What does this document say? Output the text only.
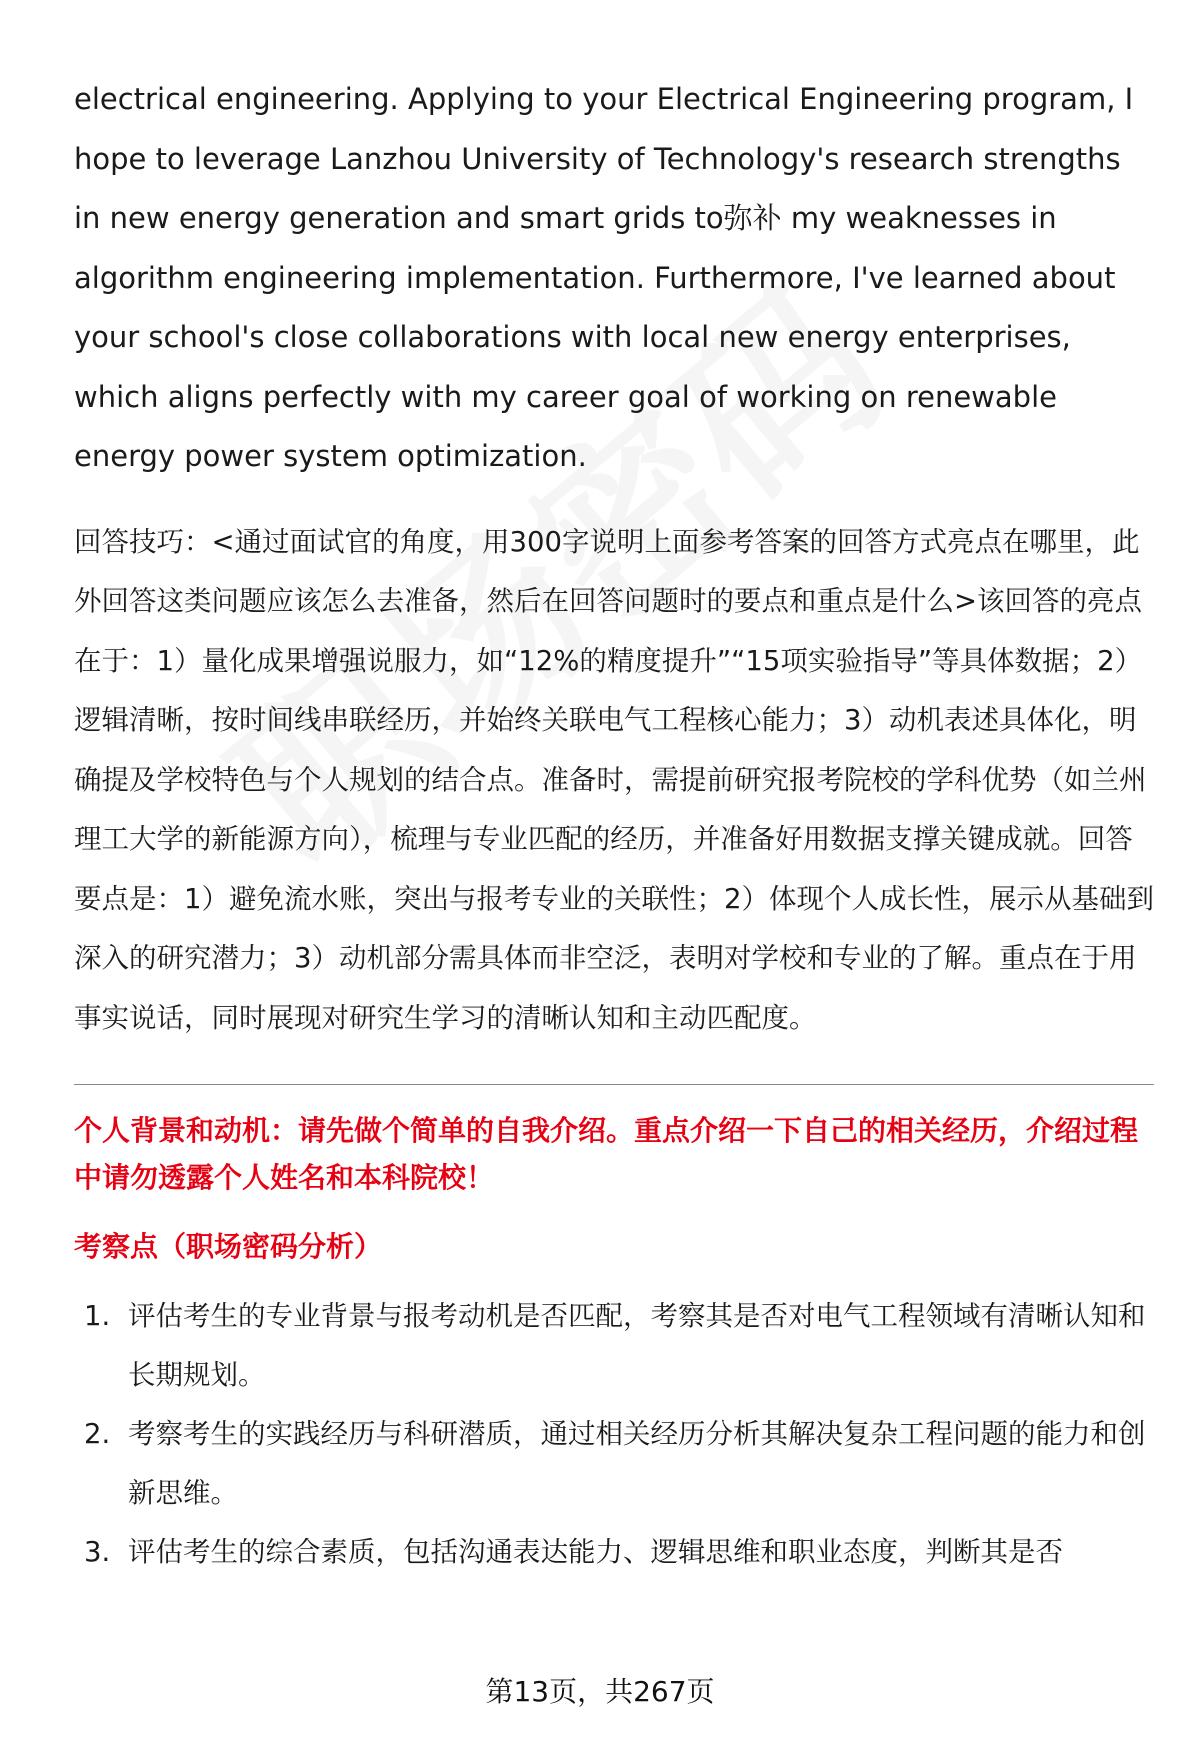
electrical engineering. Applying to your Electrical Engineering program, I hope to leverage Lanzhou University of Technology's research strengths in new energy generation and smart grids to弥补 my weaknesses in algorithm engineering implementation. Furthermore, I've learned about your school's close collaborations with local new energy enterprises, which aligns perfectly with my career goal of working on renewable energy power system optimization.

回答技巧：<通过面试官的角度，用300字说明上面参考答案的回答方式亮点在哪里，此外回答这类问题应该怎么去准备，然后在回答问题时的要点和重点是什么>该回答的亮点在于：1）量化成果增强说服力，如“12%的精度提升”“15项实验指导”等具体数据；2）逻辑清晰，按时间线串联经历，并始终关联电气工程核心能力；3）动机表述具体化，明确提及学校特色与个人规划的结合点。准备时，需提前研究报考院校的学科优势（如兰州理工大学的新能源方向），梳理与专业匹配的经历，并准备好用数据支撑关键成就。回答要点是：1）避免流水账，突出与报考专业的关联性；2）体现个人成长性，展示从基础到深入的研究潜力；3）动机部分需具体而非空泛，表明对学校和专业的了解。重点在于用事实说话，同时展现对研究生学习的清晰认知和主动匹配度。

个人背景和动机：请先做个简单的自我介绍。重点介绍一下自己的相关经历，介绍过程中请勿透露个人姓名和本科院校！

考察点（职场密码分析）

1. 评估考生的专业背景与报考动机是否匹配，考察其是否对电气工程领域有清晰认知和长期规划。
2. 考察考生的实践经历与科研潜质，通过相关经历分析其解决复杂工程问题的能力和创新思维。
3. 评估考生的综合素质，包括沟通表达能力、逻辑思维和职业态度，判断其是否
第13页，共267页
